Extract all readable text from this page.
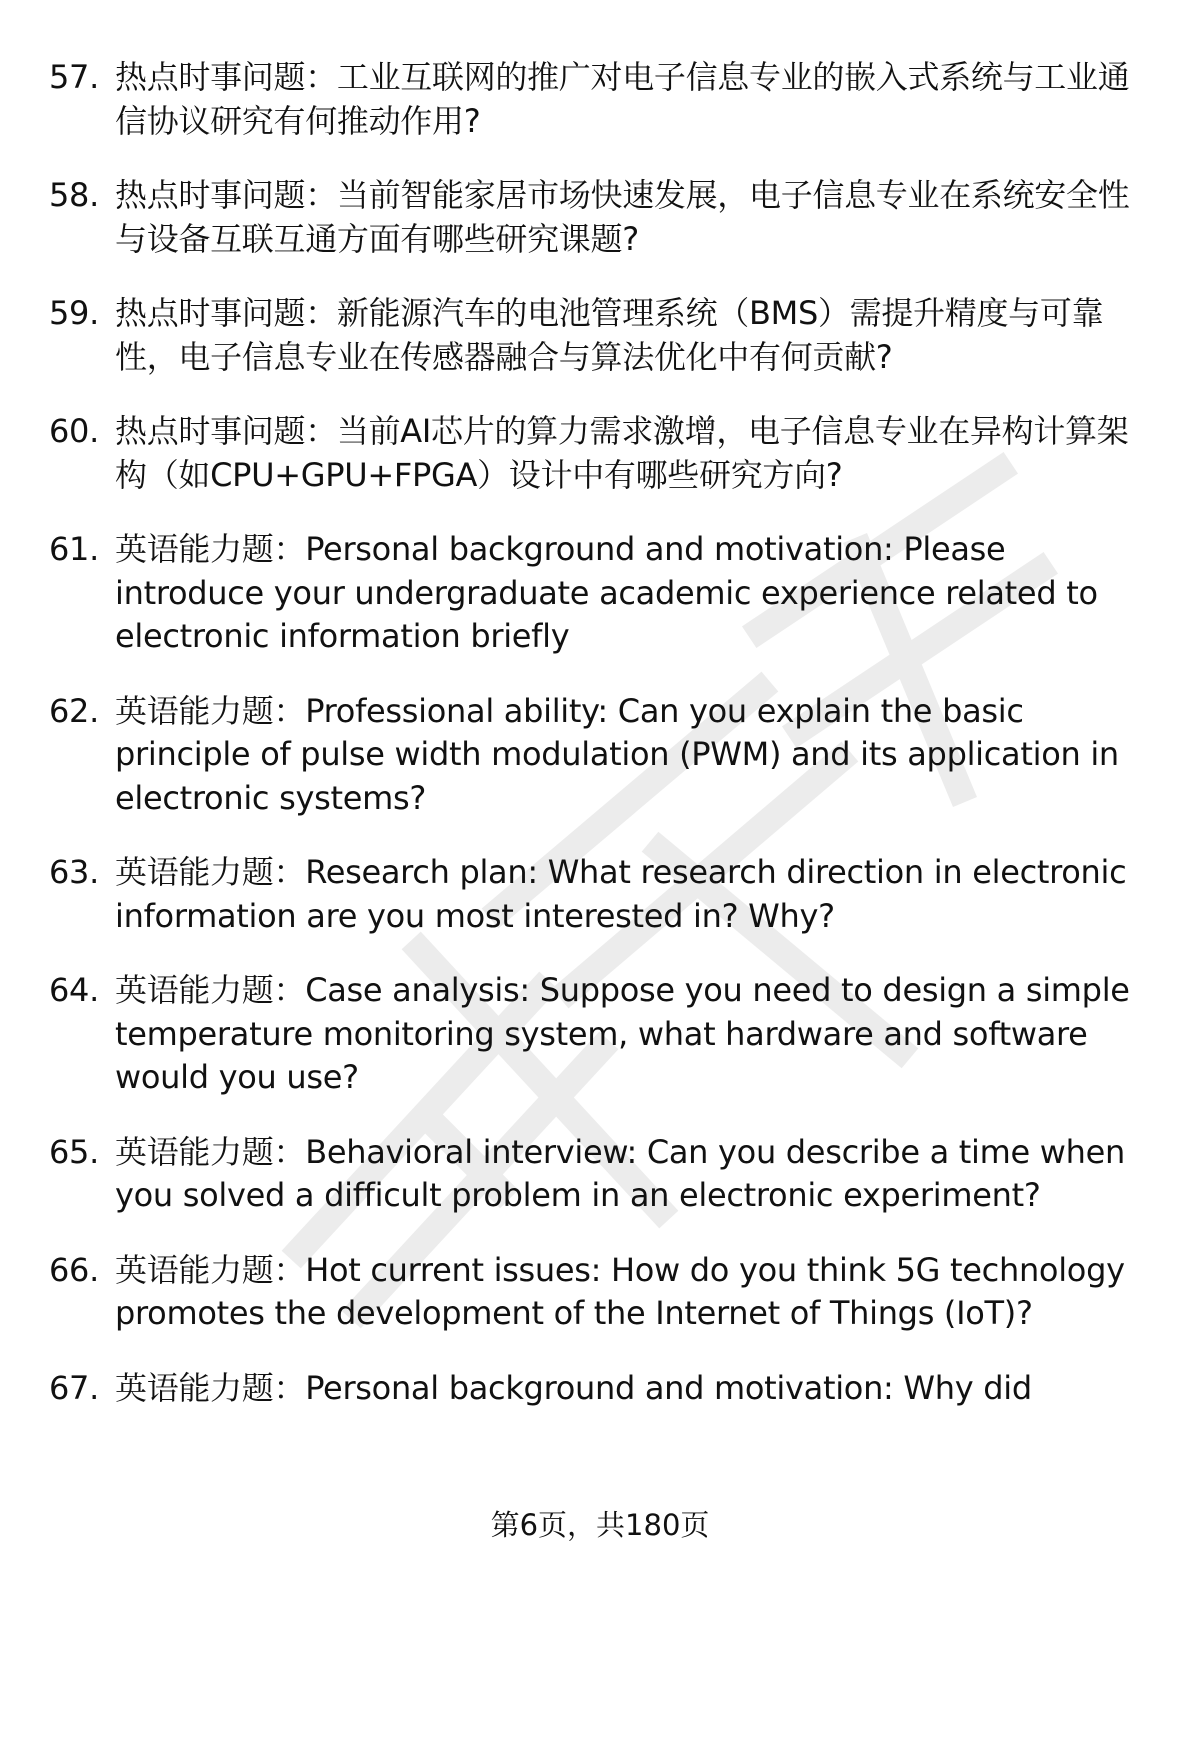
57. 热点时事问题：工业互联网的推广对电子信息专业的嵌入式系统与工业通信协议研究有何推动作用?
58. 热点时事问题：当前智能家居市场快速发展，电子信息专业在系统安全性与设备互联互通方面有哪些研究课题?
59. 热点时事问题：新能源汽车的电池管理系统（BMS）需提升精度与可靠性，电子信息专业在传感器融合与算法优化中有何贡献?
60. 热点时事问题：当前AI芯片的算力需求激增，电子信息专业在异构计算架构（如CPU+GPU+FPGA）设计中有哪些研究方向?
61. 英语能力题：Personal background and motivation: Please introduce your undergraduate academic experience related to electronic information briefly
62. 英语能力题：Professional ability: Can you explain the basic principle of pulse width modulation (PWM) and its application in electronic systems?
63. 英语能力题：Research plan: What research direction in electronic information are you most interested in? Why?
64. 英语能力题：Case analysis: Suppose you need to design a simple temperature monitoring system, what hardware and software would you use?
65. 英语能力题：Behavioral interview: Can you describe a time when you solved a difficult problem in an electronic experiment?
66. 英语能力题：Hot current issues: How do you think 5G technology promotes the development of the Internet of Things (IoT)?
67. 英语能力题：Personal background and motivation: Why did
第6页，共180页
